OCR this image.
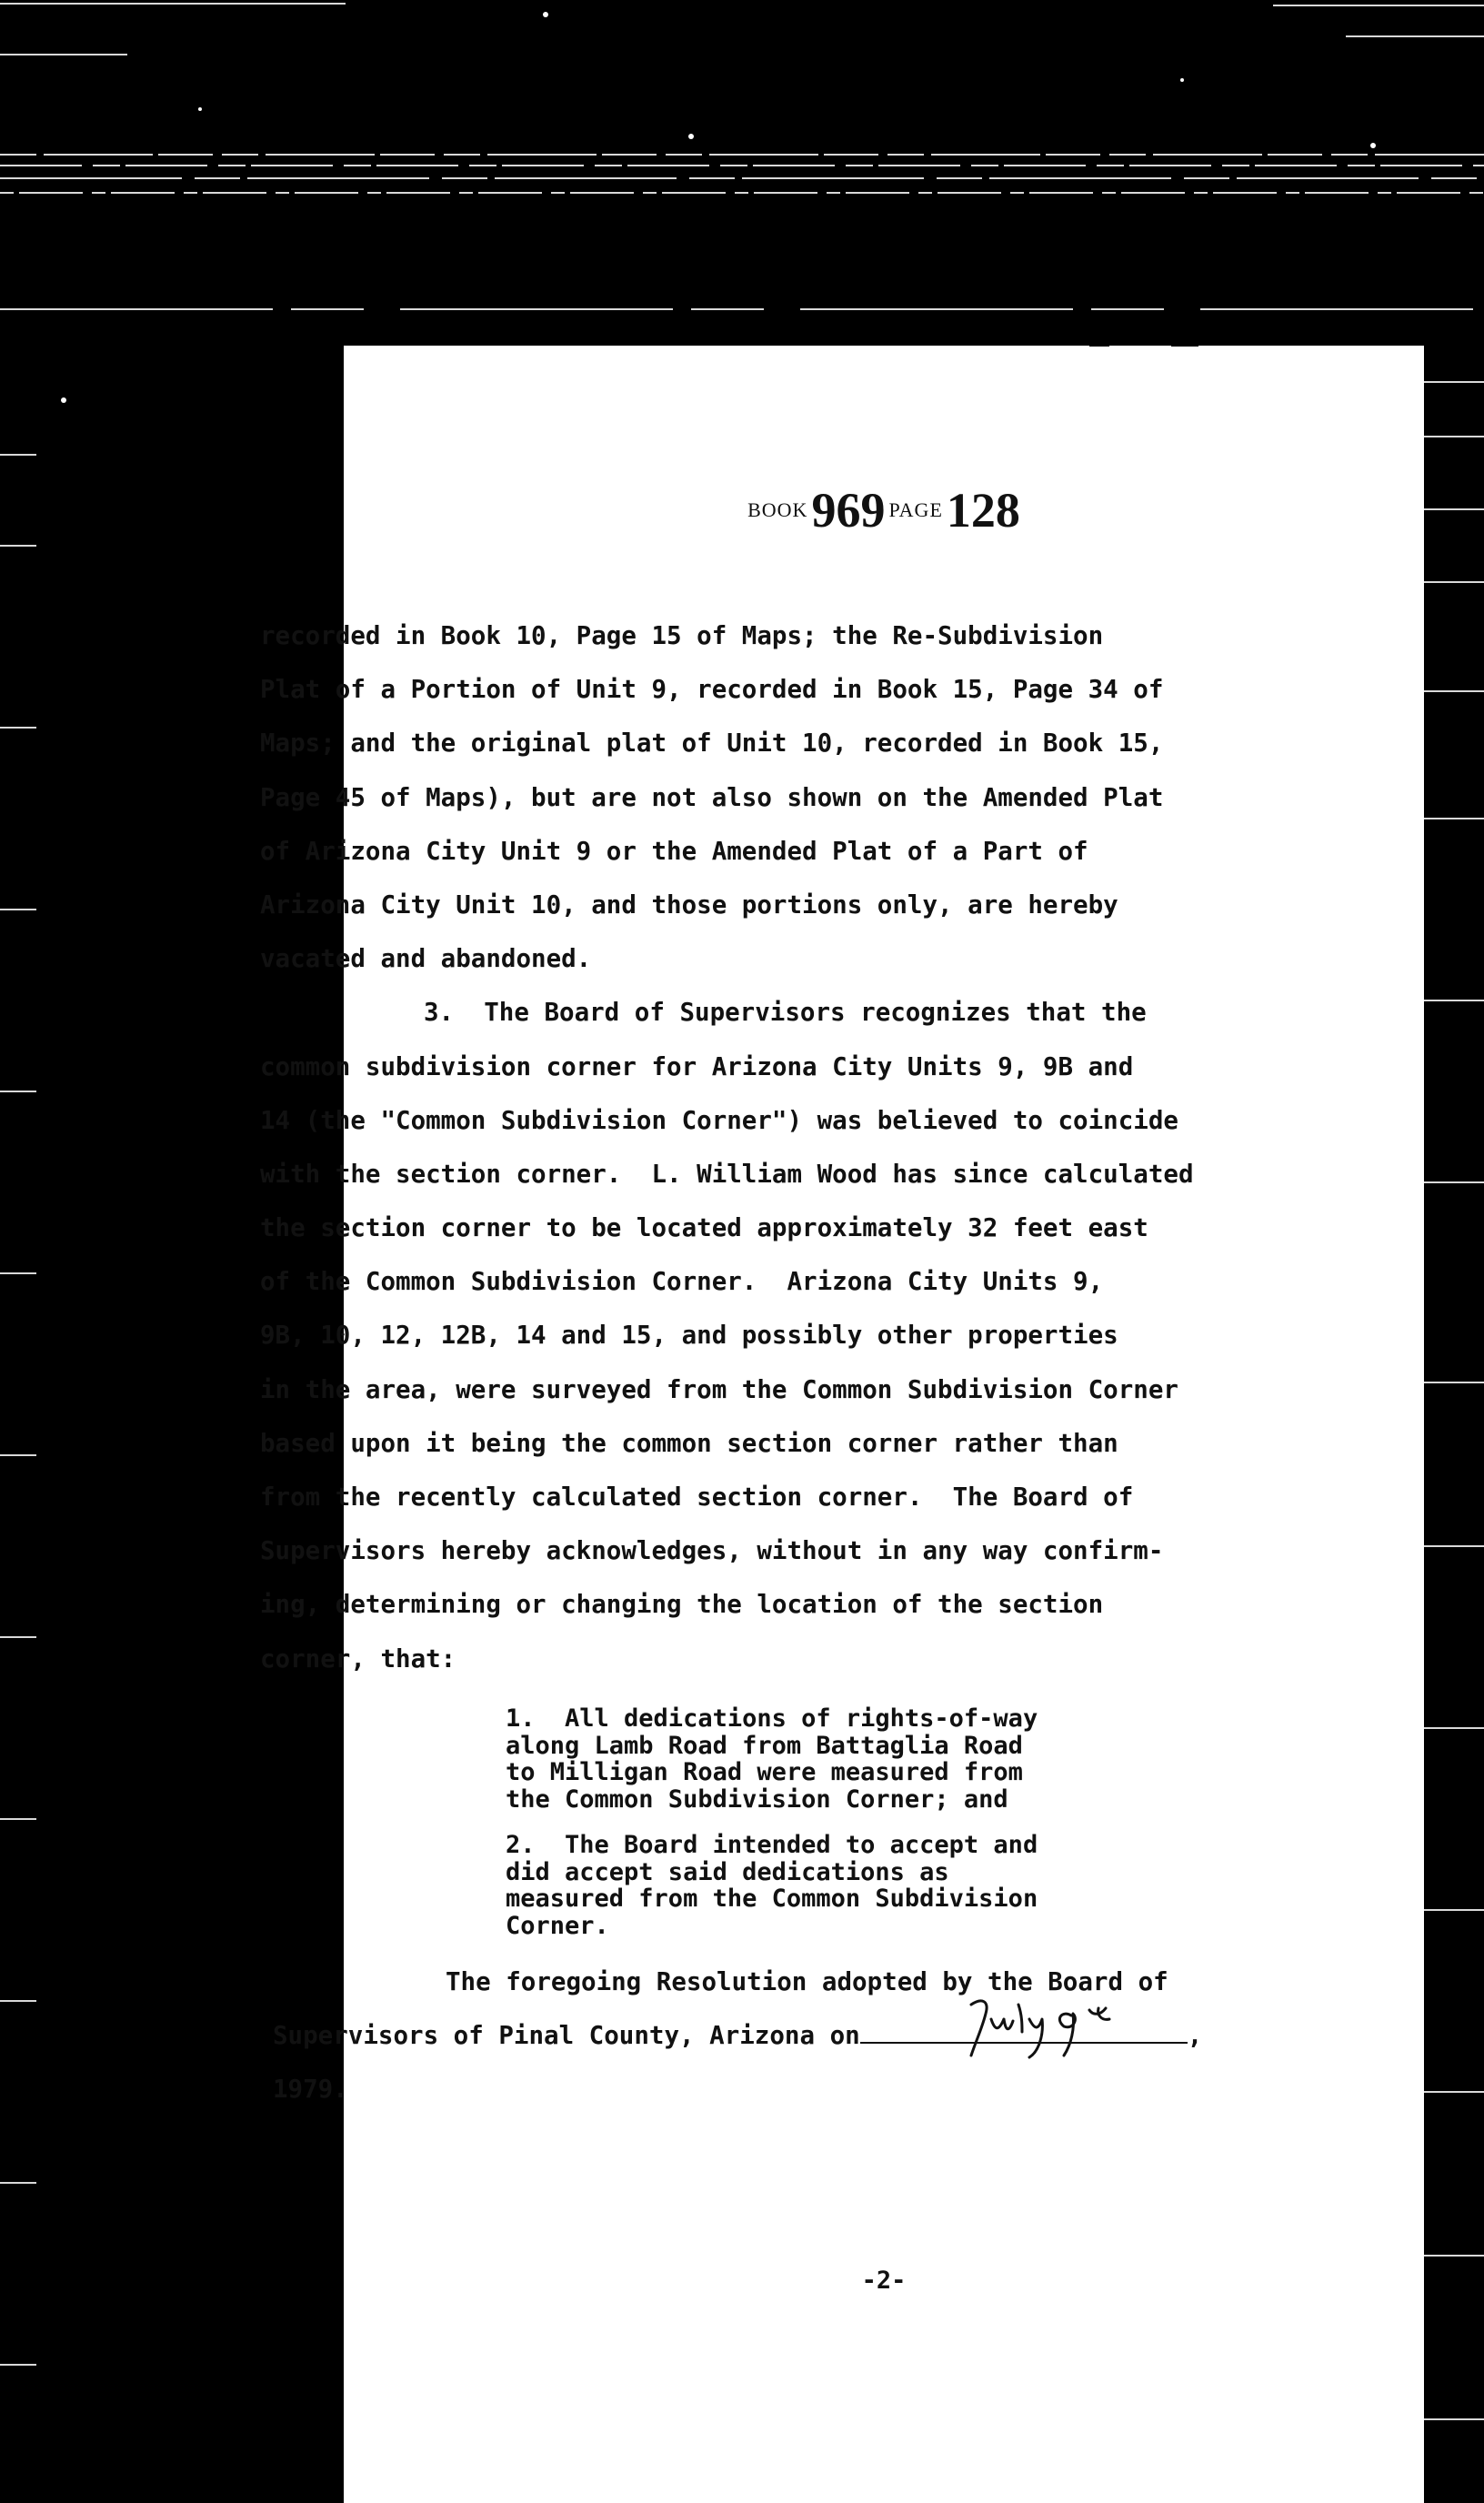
BOOK 969 PAGE 128
recorded in Book 10, Page 15 of Maps; the Re-Subdivision
Plat of a Portion of Unit 9, recorded in Book 15, Page 34 of
Maps; and the original plat of Unit 10, recorded in Book 15,
Page 45 of Maps), but are not also shown on the Amended Plat
of Arizona City Unit 9 or the Amended Plat of a Part of
Arizona City Unit 10, and those portions only, are hereby
vacated and abandoned.
3.  The Board of Supervisors recognizes that the
common subdivision corner for Arizona City Units 9, 9B and
14 (the "Common Subdivision Corner") was believed to coincide
with the section corner.  L. William Wood has since calculated
the section corner to be located approximately 32 feet east
of the Common Subdivision Corner.  Arizona City Units 9,
9B, 10, 12, 12B, 14 and 15, and possibly other properties
in the area, were surveyed from the Common Subdivision Corner
based upon it being the common section corner rather than
from the recently calculated section corner.  The Board of
Supervisors hereby acknowledges, without in any way confirm-
ing, determining or changing the location of the section
corner, that:
1.  All dedications of rights-of-way
along Lamb Road from Battaglia Road
to Milligan Road were measured from
the Common Subdivision Corner; and
2.  The Board intended to accept and
did accept said dedications as
measured from the Common Subdivision
Corner.
The foregoing Resolution adopted by the Board of
Supervisors of Pinal County, Arizona on	,
1979.
-2-
